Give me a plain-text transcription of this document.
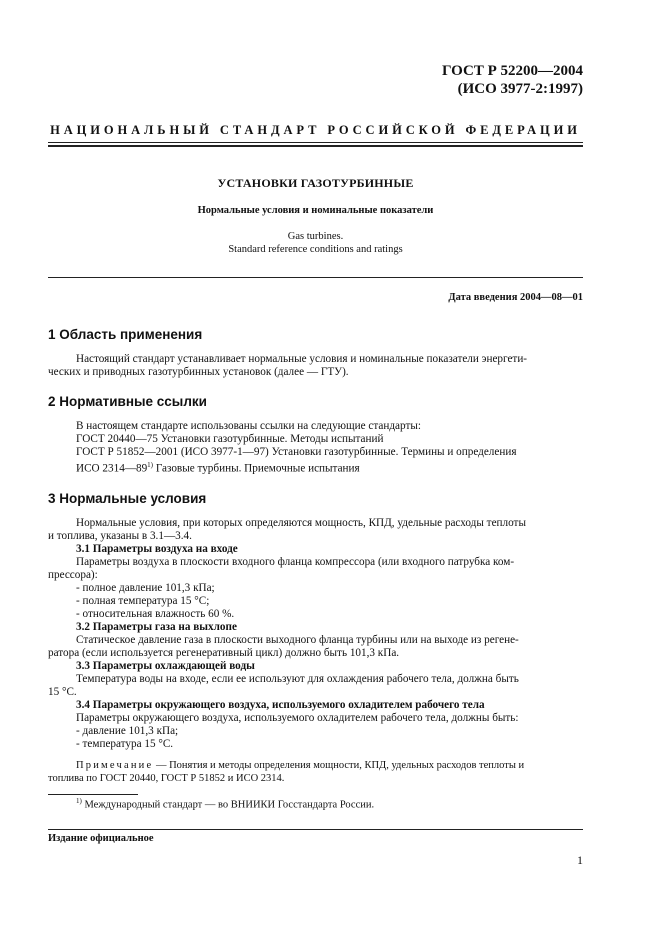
ГОСТ Р 52200—2004
(ИСО 3977-2:1997)
НАЦИОНАЛЬНЫЙ СТАНДАРТ РОССИЙСКОЙ ФЕДЕРАЦИИ
УСТАНОВКИ ГАЗОТУРБИННЫЕ
Нормальные условия и номинальные показатели
Gas turbines.
Standard reference conditions and ratings
Дата введения 2004—08—01
1 Область применения

Настоящий стандарт устанавливает нормальные условия и номинальные показатели энергети-
ческих и приводных газотурбинных установок (далее — ГТУ).

2 Нормативные ссылки

В настоящем стандарте использованы ссылки на следующие стандарты:
ГОСТ 20440—75 Установки газотурбинные. Методы испытаний
ГОСТ Р 51852—2001 (ИСО 3977-1—97) Установки газотурбинные. Термины и определения
ИСО 2314—89$^{1)}$ Газовые турбины. Приемочные испытания

3 Нормальные условия

Нормальные условия, при которых определяются мощность, КПД, удельные расходы теплоты
и топлива, указаны в 3.1—3.4.

3.1 Параметры воздуха на входе
Параметры воздуха в плоскости входного фланца компрессора (или входного патрубка ком-
прессора):
- полное давление 101,3 кПа;
- полная температура 15 °С;
- относительная влажность 60 %.

3.2 Параметры газа на выхлопе
Статическое давление газа в плоскости выходного фланца турбины или на выходе из регене-
ратора (если используется регенеративный цикл) должно быть 101,3 кПа.

3.3 Параметры охлаждающей воды
Температура воды на входе, если ее используют для охлаждения рабочего тела, должна быть
15 °С.

3.4 Параметры окружающего воздуха, используемого охладителем рабочего тела
Параметры окружающего воздуха, используемого охладителем рабочего тела, должны быть:
- давление 101,3 кПа;
- температура 15 °С.

Примечание — Понятия и методы определения мощности, КПД, удельных расходов теплоты и
топлива по ГОСТ 20440, ГОСТ Р 51852 и ИСО 2314.

$^{1)}$ Международный стандарт — во ВНИИКИ Госстандарта России.
Издание официальное
1
